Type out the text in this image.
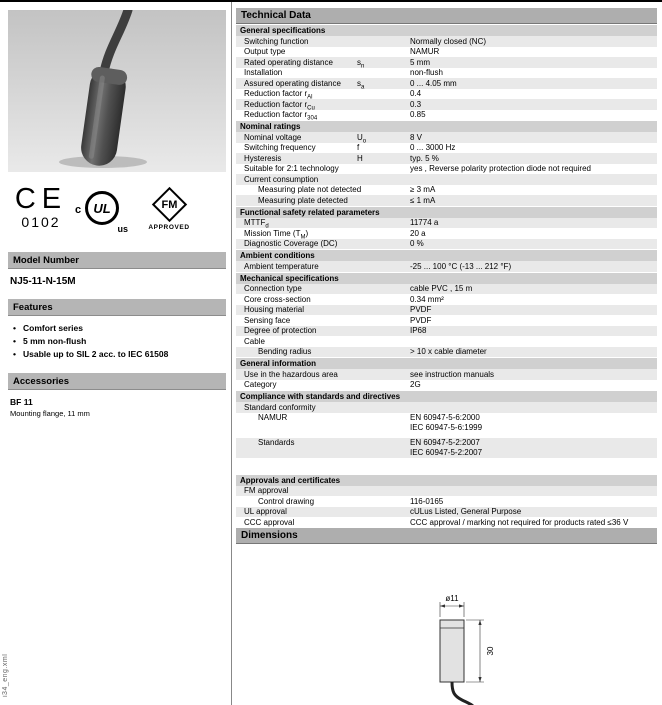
i34_eng.xml
CE
0102
c UL
us
FM
APPROVED
Model Number
NJ5-11-N-15M
Features
• Comfort series
• 5 mm non-flush
• Usable up to SIL 2 acc. to IEC 61508
Accessories
BF 11
Mounting flange, 11 mm
Technical Data
General specifications
Switching function	Normally closed (NC)
Output type	NAMUR
Rated operating distance	$s_n$	5 mm
Installation	non-flush
Assured operating distance	$s_a$	0 ... 4.05 mm
Reduction factor $r_{Al}$	0.4
Reduction factor $r_{Cu}$	0.3
Reduction factor $r_{304}$	0.85
Nominal ratings
Nominal voltage	$U_o$	8 V
Switching frequency	f	0 ... 3000 Hz
Hysteresis	H	typ. 5 %
Suitable for 2:1 technology	yes , Reverse polarity protection diode not required
Current consumption
Measuring plate not detected	≥ 3 mA
Measuring plate detected	≤ 1 mA
Functional safety related parameters
$MTTF_d$	11774 a
Mission Time $(T_M)$	20 a
Diagnostic Coverage (DC)	0 %
Ambient conditions
Ambient temperature	-25 ... 100 °C (-13 ... 212 °F)
Mechanical specifications
Connection type	cable PVC , 15 m
Core cross-section	0.34 mm²
Housing material	PVDF
Sensing face	PVDF
Degree of protection	IP68
Cable
Bending radius	> 10 x cable diameter
General information
Use in the hazardous area	see instruction manuals
Category	2G
Compliance with standards and directives
Standard conformity
NAMUR	EN 60947-5-6:2000
IEC 60947-5-6:1999
Standards	EN 60947-5-2:2007
IEC 60947-5-2:2007
Approvals and certificates
FM approval
Control drawing	116-0165
UL approval	cULus Listed, General Purpose
CCC approval	CCC approval / marking not required for products rated ≤36 V
Dimensions
ø11
30
